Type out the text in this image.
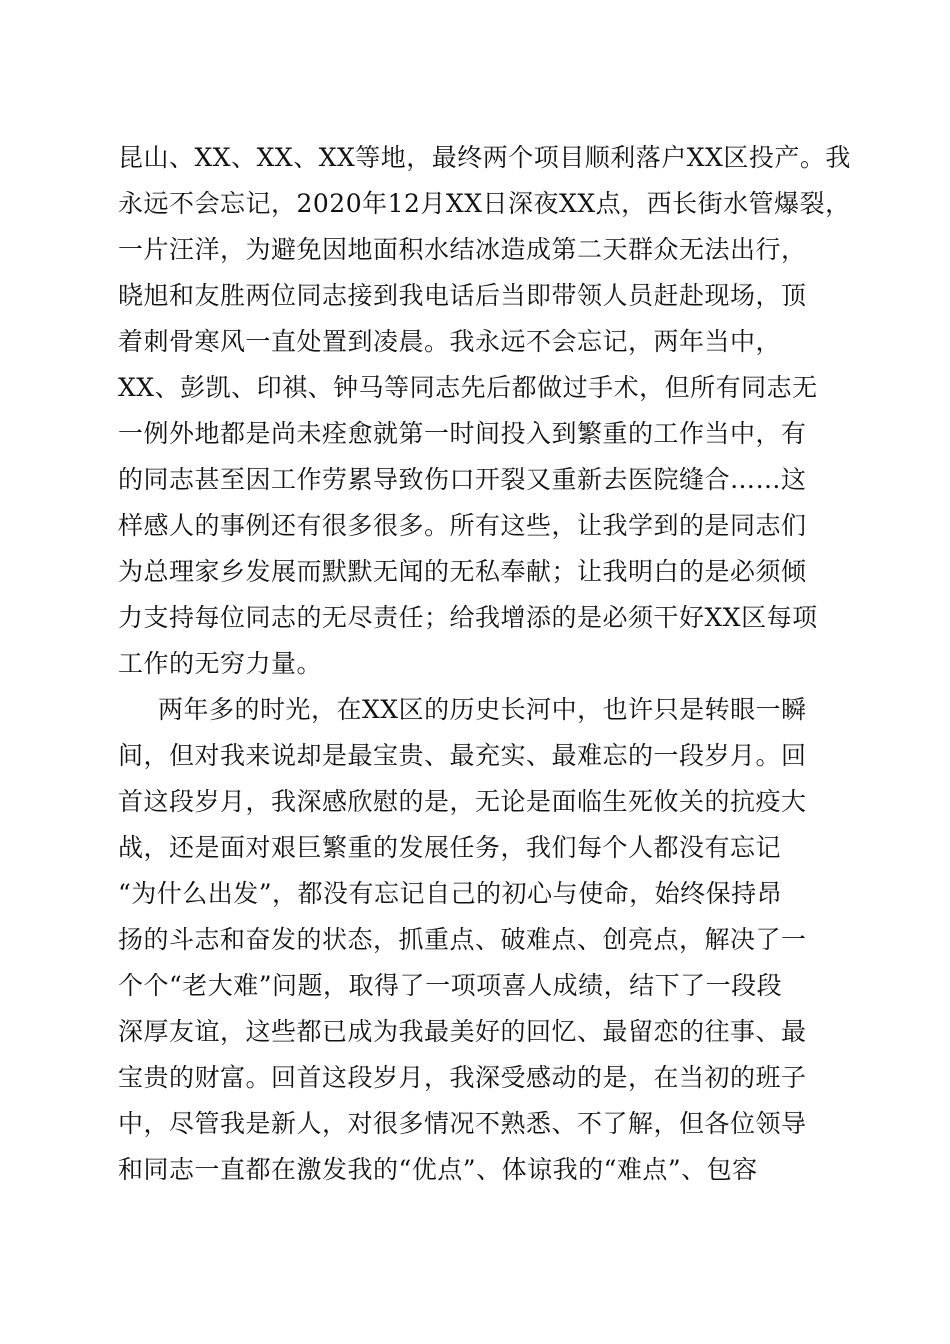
昆山、XX、XX、XX等地，最终两个项目顺利落户XX区投产。我
永远不会忘记，2020年12月XX日深夜XX点，西长街水管爆裂，
一片汪洋，为避免因地面积水结冰造成第二天群众无法出行，
晓旭和友胜两位同志接到我电话后当即带领人员赶赴现场，顶
着刺骨寒风一直处置到凌晨。我永远不会忘记，两年当中，
XX、彭凯、印祺、钟马等同志先后都做过手术，但所有同志无
一例外地都是尚未痊愈就第一时间投入到繁重的工作当中，有
的同志甚至因工作劳累导致伤口开裂又重新去医院缝合……这
样感人的事例还有很多很多。所有这些，让我学到的是同志们
为总理家乡发展而默默无闻的无私奉献；让我明白的是必须倾
力支持每位同志的无尽责任；给我增添的是必须干好XX区每项
工作的无穷力量。
两年多的时光，在XX区的历史长河中，也许只是转眼一瞬
间，但对我来说却是最宝贵、最充实、最难忘的一段岁月。回
首这段岁月，我深感欣慰的是，无论是面临生死攸关的抗疫大
战，还是面对艰巨繁重的发展任务，我们每个人都没有忘记
“为什么出发”，都没有忘记自己的初心与使命，始终保持昂
扬的斗志和奋发的状态，抓重点、破难点、创亮点，解决了一
个个“老大难”问题，取得了一项项喜人成绩，结下了一段段
深厚友谊，这些都已成为我最美好的回忆、最留恋的往事、最
宝贵的财富。回首这段岁月，我深受感动的是，在当初的班子
中，尽管我是新人，对很多情况不熟悉、不了解，但各位领导
和同志一直都在激发我的“优点”、体谅我的“难点”、包容
